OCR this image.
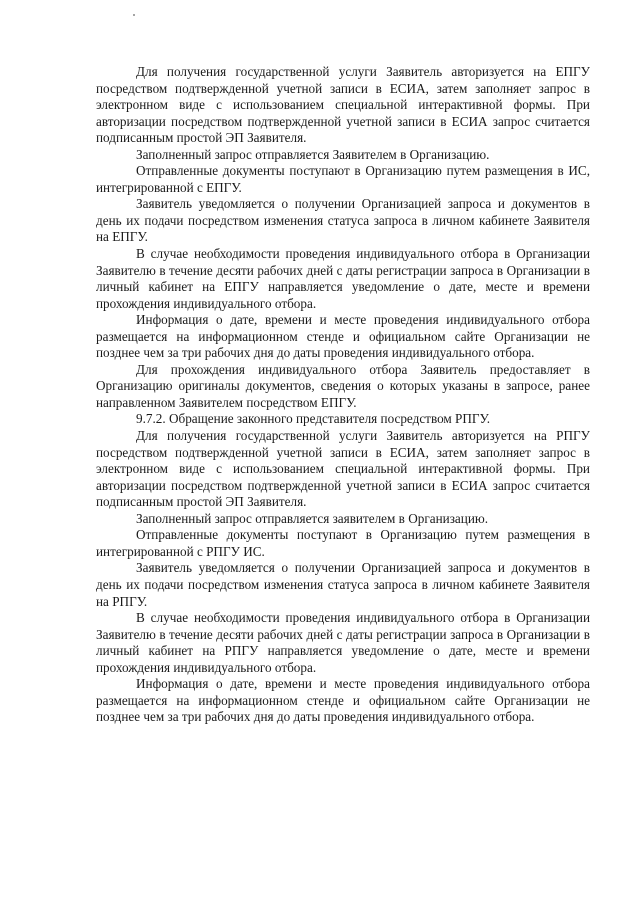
Для получения государственной услуги Заявитель авторизуется на ЕПГУ посредством подтвержденной учетной записи в ЕСИА, затем заполняет запрос в электронном виде с использованием специальной интерактивной формы. При авторизации посредством подтвержденной учетной записи в ЕСИА запрос считается подписанным простой ЭП Заявителя.

Заполненный запрос отправляется Заявителем в Организацию.

Отправленные документы поступают в Организацию путем размещения в ИС, интегрированной с ЕПГУ.

Заявитель уведомляется о получении Организацией запроса и документов в день их подачи посредством изменения статуса запроса в личном кабинете Заявителя на ЕПГУ.

В случае необходимости проведения индивидуального отбора в Организации Заявителю в течение десяти рабочих дней с даты регистрации запроса в Организации в личный кабинет на ЕПГУ направляется уведомление о дате, месте и времени прохождения индивидуального отбора.

Информация о дате, времени и месте проведения индивидуального отбора размещается на информационном стенде и официальном сайте Организации не позднее чем за три рабочих дня до даты проведения индивидуального отбора.

Для прохождения индивидуального отбора Заявитель предоставляет в Организацию оригиналы документов, сведения о которых указаны в запросе, ранее направленном Заявителем посредством ЕПГУ.

9.7.2. Обращение законного представителя посредством РПГУ.

Для получения государственной услуги Заявитель авторизуется на РПГУ посредством подтвержденной учетной записи в ЕСИА, затем заполняет запрос в электронном виде с использованием специальной интерактивной формы. При авторизации посредством подтвержденной учетной записи в ЕСИА запрос считается подписанным простой ЭП Заявителя.

Заполненный запрос отправляется заявителем в Организацию.

Отправленные документы поступают в Организацию путем размещения в интегрированной с РПГУ ИС.

Заявитель уведомляется о получении Организацией запроса и документов в день их подачи посредством изменения статуса запроса в личном кабинете Заявителя на РПГУ.

В случае необходимости проведения индивидуального отбора в Организации Заявителю в течение десяти рабочих дней с даты регистрации запроса в Организации в личный кабинет на РПГУ направляется уведомление о дате, месте и времени прохождения индивидуального отбора.

Информация о дате, времени и месте проведения индивидуального отбора размещается на информационном стенде и официальном сайте Организации не позднее чем за три рабочих дня до даты проведения индивидуального отбора.
